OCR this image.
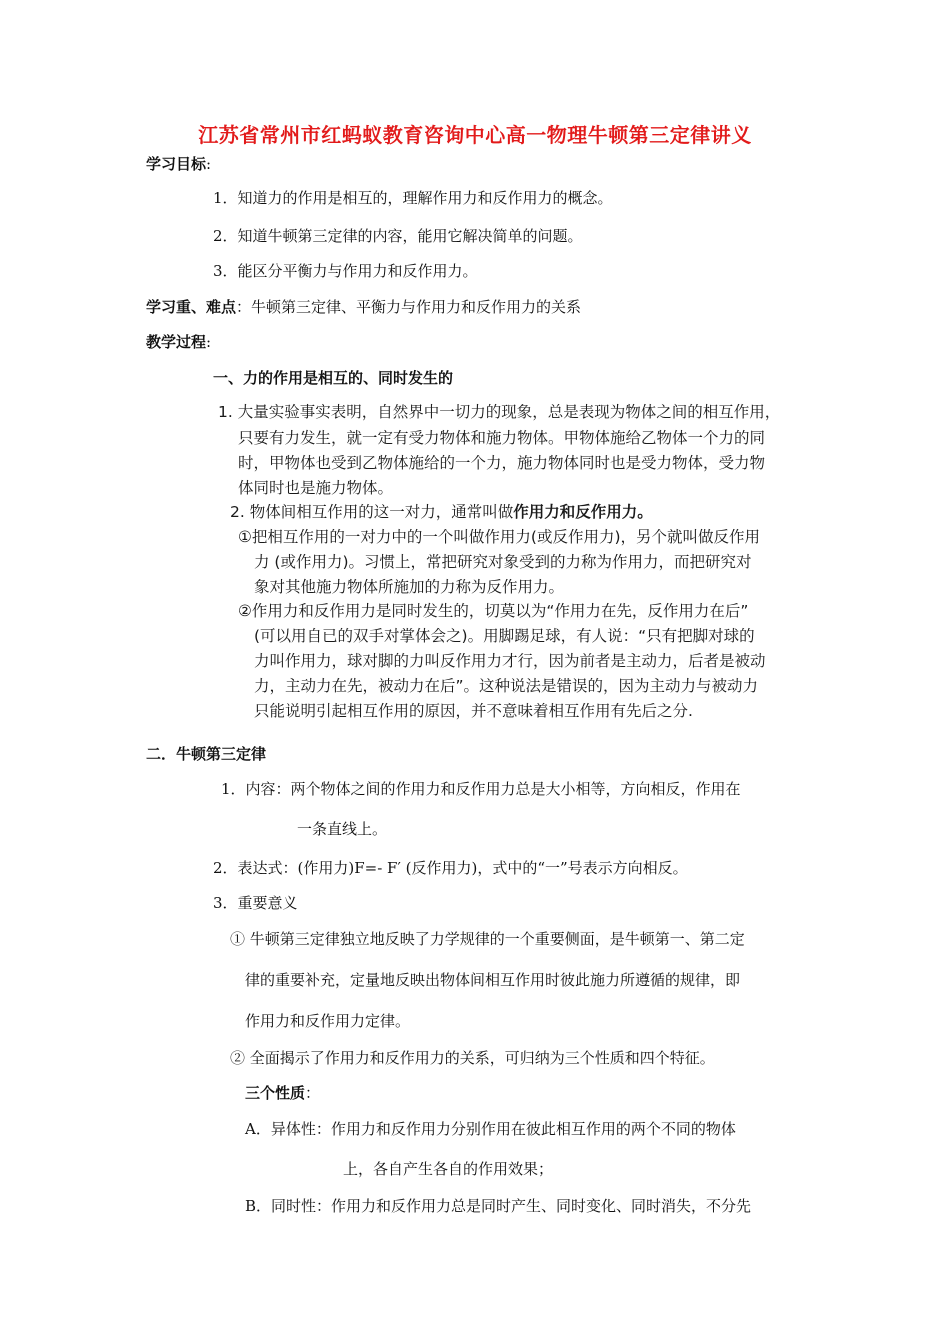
江苏省常州市红蚂蚁教育咨询中心高一物理牛顿第三定律讲义
学习目标:
1．知道力的作用是相互的，理解作用力和反作用力的概念。
2．知道牛顿第三定律的内容，能用它解决简单的问题。
3．能区分平衡力与作用力和反作用力。
学习重、难点：牛顿第三定律、平衡力与作用力和反作用力的关系
教学过程:
一、力的作用是相互的、同时发生的
1. 大量实验事实表明，自然界中一切力的现象，总是表现为物体之间的相互作用，
只要有力发生，就一定有受力物体和施力物体。甲物体施给乙物体一个力的同
时，甲物体也受到乙物体施给的一个力，施力物体同时也是受力物体，受力物
体同时也是施力物体。
2. 物体间相互作用的这一对力，通常叫做作用力和反作用力。
①把相互作用的一对力中的一个叫做作用力(或反作用力)，另个就叫做反作用
力 (或作用力)。习惯上，常把研究对象受到的力称为作用力，而把研究对
象对其他施力物体所施加的力称为反作用力。
②作用力和反作用力是同时发生的，切莫以为“作用力在先，反作用力在后”
(可以用自已的双手对掌体会之)。用脚踢足球，有人说：“只有把脚对球的
力叫作用力，球对脚的力叫反作用力才行，因为前者是主动力，后者是被动
力，主动力在先，被动力在后”。这种说法是错误的，因为主动力与被动力
只能说明引起相互作用的原因，并不意味着相互作用有先后之分.
二．牛顿第三定律
1．内容：两个物体之间的作用力和反作用力总是大小相等，方向相反，作用在
一条直线上。
2．表达式：(作用力)F=- F′ (反作用力)，式中的“一”号表示方向相反。
3．重要意义
① 牛顿第三定律独立地反映了力学规律的一个重要侧面，是牛顿第一、第二定
律的重要补充，定量地反映出物体间相互作用时彼此施力所遵循的规律，即
作用力和反作用力定律。
② 全面揭示了作用力和反作用力的关系，可归纳为三个性质和四个特征。
三个性质：
A．异体性：作用力和反作用力分别作用在彼此相互作用的两个不同的物体
上，各自产生各自的作用效果；
B．同时性：作用力和反作用力总是同时产生、同时变化、同时消失，不分先
